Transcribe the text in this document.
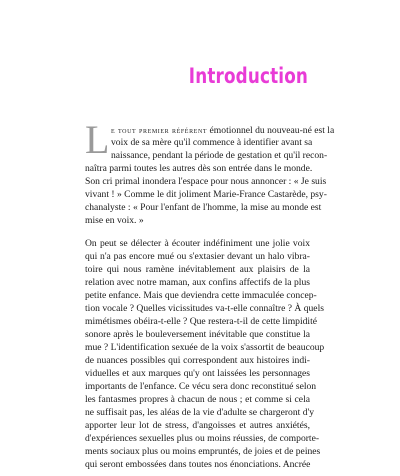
Introduction
L e tout premier référent émotionnel du nouveau-né est la
voix de sa mère qu'il commence à identifier avant sa
naissance, pendant la période de gestation et qu'il recon-
naîtra parmi toutes les autres dès son entrée dans le monde.
Son cri primal inondera l'espace pour nous annoncer : « Je suis
vivant ! » Comme le dit joliment Marie-France Castarède, psy-
chanalyste : « Pour l'enfant de l'homme, la mise au monde est
mise en voix. »
On peut se délecter à écouter indéfiniment une jolie voix
qui n'a pas encore mué ou s'extasier devant un halo vibra-
toire qui nous ramène inévitablement aux plaisirs de la
relation avec notre maman, aux confins affectifs de la plus
petite enfance. Mais que deviendra cette immaculée concep-
tion vocale ? Quelles vicissitudes va-t-elle connaître ? À quels
mimétismes obéira-t-elle ? Que restera-t-il de cette limpidité
sonore après le bouleversement inévitable que constitue la
mue ? L'identification sexuée de la voix s'assortit de beaucoup
de nuances possibles qui correspondent aux histoires indi-
viduelles et aux marques qu'y ont laissées les personnages
importants de l'enfance. Ce vécu sera donc reconstitué selon
les fantasmes propres à chacun de nous ; et comme si cela
ne suffisait pas, les aléas de la vie d'adulte se chargeront d'y
apporter leur lot de stress, d'angoisses et autres anxiétés,
d'expériences sexuelles plus ou moins réussies, de comporte-
ments sociaux plus ou moins empruntés, de joies et de peines
qui seront embossées dans toutes nos énonciations. Ancrée
